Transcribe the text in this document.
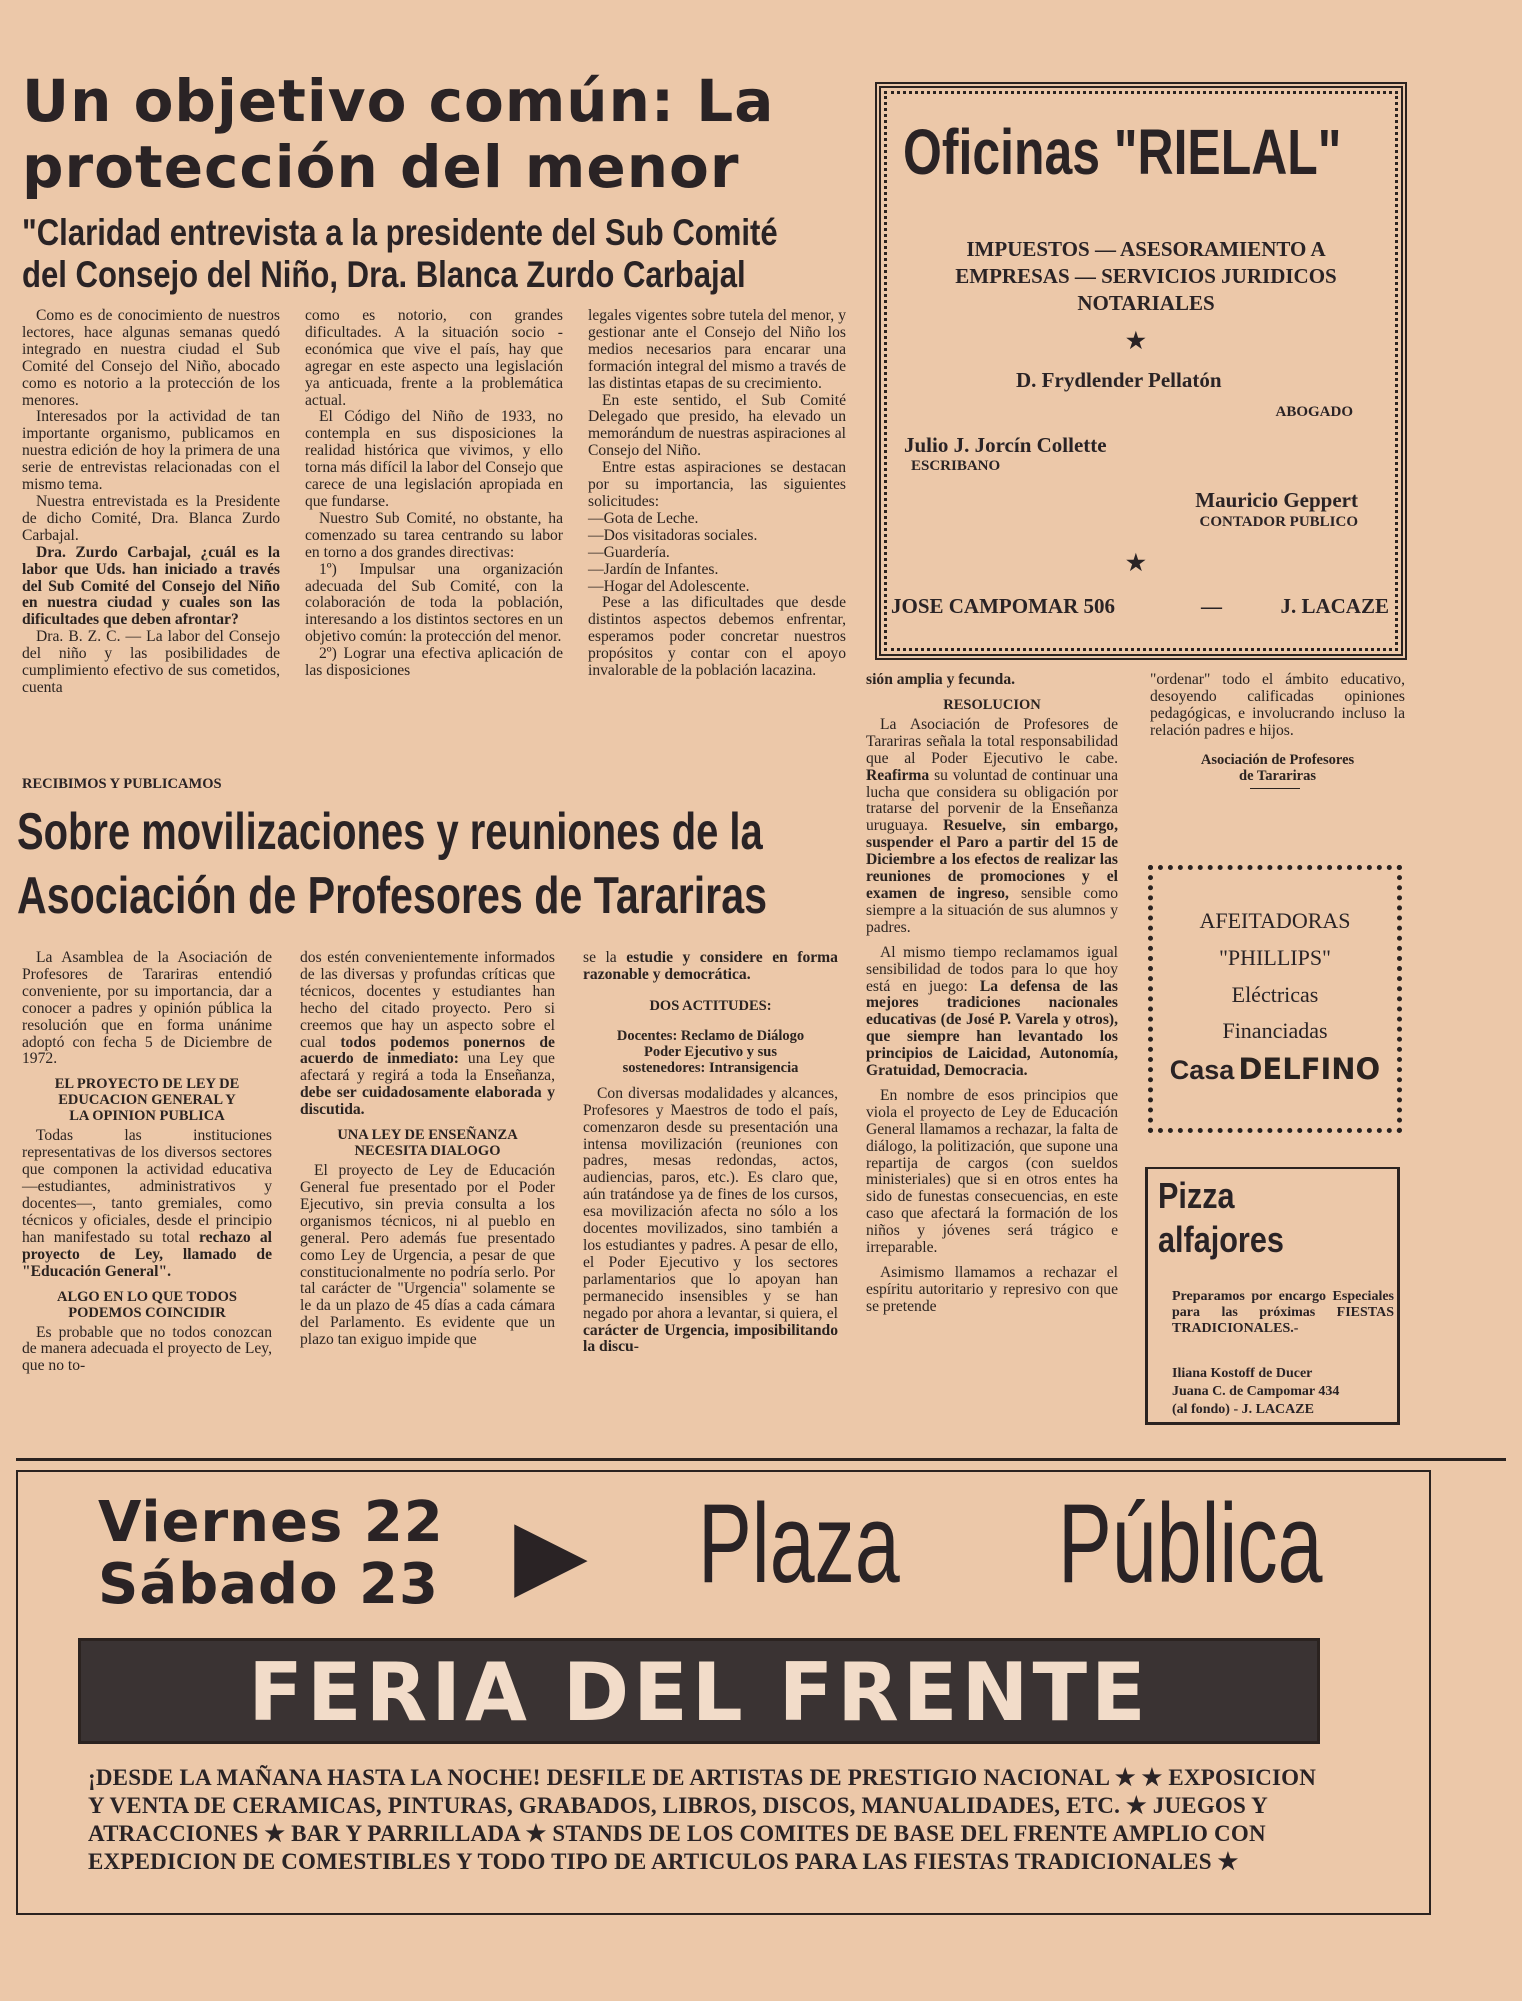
Un objetivo común: La
protección del menor
"Claridad entrevista a la presidente del Sub Comité
del Consejo del Niño, Dra. Blanca Zurdo Carbajal

Como es de conocimiento de nuestros lectores, hace algunas semanas quedó integrado en nuestra ciudad el Sub Comité del Consejo del Niño, abocado como es notorio a la protección de los menores.

Interesados por la actividad de tan importante organismo, publicamos en nuestra edición de hoy la primera de una serie de entrevistas relacionadas con el mismo tema.

Nuestra entrevistada es la Presidente de dicho Comité, Dra. Blanca Zurdo Carbajal.

Dra. Zurdo Carbajal, ¿cuál es la labor que Uds. han iniciado a través del Sub Comité del Consejo del Niño en nuestra ciudad y cuales son las dificultades que deben afrontar?

Dra. B. Z. C. — La labor del Consejo del niño y las posibilidades de cumplimiento efectivo de sus cometidos, cuenta

como es notorio, con grandes dificultades. A la situación socio - económica que vive el país, hay que agregar en este aspecto una legislación ya anticuada, frente a la problemática actual.

El Código del Niño de 1933, no contempla en sus disposiciones la realidad histórica que vivimos, y ello torna más difícil la labor del Consejo que carece de una legislación apropiada en que fundarse.

Nuestro Sub Comité, no obstante, ha comenzado su tarea centrando su labor en torno a dos grandes directivas:

1º) Impulsar una organización adecuada del Sub Comité, con la colaboración de toda la población, interesando a los distintos sectores en un objetivo común: la protección del menor.

2º) Lograr una efectiva aplicación de las disposiciones

legales vigentes sobre tutela del menor, y gestionar ante el Consejo del Niño los medios necesarios para encarar una formación integral del mismo a través de las distintas etapas de su crecimiento.

En este sentido, el Sub Comité Delegado que presido, ha elevado un memorándum de nuestras aspiraciones al Consejo del Niño.

Entre estas aspiraciones se destacan por su importancia, las siguientes solicitudes:

—Gota de Leche.
—Dos visitadoras sociales.
—Guardería.
—Jardín de Infantes.
—Hogar del Adolescente.

Pese a las dificultades que desde distintos aspectos debemos enfrentar, esperamos poder concretar nuestros propósitos y contar con el apoyo invalorable de la población lacazina.

Oficinas "RIELAL"
IMPUESTOS — ASESORAMIENTO A
EMPRESAS — SERVICIOS JURIDICOS
NOTARIALES
★
D. Frydlender Pellatón
ABOGADO
Julio J. Jorcín Collette
ESCRIBANO
Mauricio Geppert
CONTADOR PUBLICO
★
JOSE CAMPOMAR 506	—	J. LACAZE
RECIBIMOS Y PUBLICAMOS
Sobre movilizaciones y reuniones de la
Asociación de Profesores de Tarariras

La Asamblea de la Asociación de Profesores de Tarariras entendió conveniente, por su importancia, dar a conocer a padres y opinión pública la resolución que en forma unánime adoptó con fecha 5 de Diciembre de 1972.

EL PROYECTO DE LEY DE
EDUCACION GENERAL Y
LA OPINION PUBLICA

Todas las instituciones representativas de los diversos sectores que componen la actividad educativa —estudiantes, administrativos y docentes—, tanto gremiales, como técnicos y oficiales, desde el principio han manifestado su total rechazo al proyecto de Ley, llamado de "Educación General".

ALGO EN LO QUE TODOS
PODEMOS COINCIDIR

Es probable que no todos conozcan de manera adecuada el proyecto de Ley, que no to-

dos estén convenientemente informados de las diversas y profundas críticas que técnicos, docentes y estudiantes han hecho del citado proyecto. Pero si creemos que hay un aspecto sobre el cual todos podemos ponernos de acuerdo de inmediato: una Ley que afectará y regirá a toda la Enseñanza, debe ser cuidadosamente elaborada y discutida.

UNA LEY DE ENSEÑANZA
NECESITA DIALOGO

El proyecto de Ley de Educación General fue presentado por el Poder Ejecutivo, sin previa consulta a los organismos técnicos, ni al pueblo en general. Pero además fue presentado como Ley de Urgencia, a pesar de que constitucionalmente no podría serlo. Por tal carácter de "Urgencia" solamente se le da un plazo de 45 días a cada cámara del Parlamento. Es evidente que un plazo tan exiguo impide que

se la estudie y considere en forma razonable y democrática.

DOS ACTITUDES:
Docentes: Reclamo de Diálogo
Poder Ejecutivo y sus
sostenedores: Intransigencia

Con diversas modalidades y alcances, Profesores y Maestros de todo el país, comenzaron desde su presentación una intensa movilización (reuniones con padres, mesas redondas, actos, audiencias, paros, etc.). Es claro que, aún tratándose ya de fines de los cursos, esa movilización afecta no sólo a los docentes movilizados, sino también a los estudiantes y padres. A pesar de ello, el Poder Ejecutivo y los sectores parlamentarios que lo apoyan han permanecido insensibles y se han negado por ahora a levantar, si quiera, el carácter de Urgencia, imposibilitando la discu-

sión amplia y fecunda.

RESOLUCION

La Asociación de Profesores de Tarariras señala la total responsabilidad que al Poder Ejecutivo le cabe. Reafirma su voluntad de continuar una lucha que considera su obligación por tratarse del porvenir de la Enseñanza uruguaya. Resuelve, sin embargo, suspender el Paro a partir del 15 de Diciembre a los efectos de realizar las reuniones de promociones y el examen de ingreso, sensible como siempre a la situación de sus alumnos y padres.

Al mismo tiempo reclamamos igual sensibilidad de todos para lo que hoy está en juego: La defensa de las mejores tradiciones nacionales educativas (de José P. Varela y otros), que siempre han levantado los principios de Laicidad, Autonomía, Gratuidad, Democracia.

En nombre de esos principios que viola el proyecto de Ley de Educación General llamamos a rechazar, la falta de diálogo, la politización, que supone una repartija de cargos (con sueldos ministeriales) que si en otros entes ha sido de funestas consecuencias, en este caso que afectará la formación de los niños y jóvenes será trágico e irreparable.

Asimismo llamamos a rechazar el espíritu autoritario y represivo con que se pretende

"ordenar" todo el ámbito educativo, desoyendo calificadas opiniones pedagógicas, e involucrando incluso la relación padres e hijos.

Asociación de Profesores
de Tarariras
AFEITADORAS
"PHILLIPS"
Eléctricas
Financiadas
Casa DELFINO
Pizza
alfajores
Preparamos por encargo Especiales para las próximas FIESTAS TRADICIONALES.-
Iliana Kostoff de Ducer
Juana C. de Campomar 434
(al fondo) - J. LACAZE
Viernes 22
Sábado 23 ▶ Plaza Pública
FERIA DEL FRENTE
¡DESDE LA MAÑANA HASTA LA NOCHE! DESFILE DE ARTISTAS DE PRESTIGIO NACIONAL ★ ★ EXPOSICION Y VENTA DE CERAMICAS, PINTURAS, GRABADOS, LIBROS, DISCOS, MANUALIDADES, ETC. ★ JUEGOS Y ATRACCIONES ★ BAR Y PARRILLADA ★ STANDS DE LOS COMITES DE BASE DEL FRENTE AMPLIO CON EXPEDICION DE COMESTIBLES Y TODO TIPO DE ARTICULOS PARA LAS FIESTAS TRADICIONALES ★
